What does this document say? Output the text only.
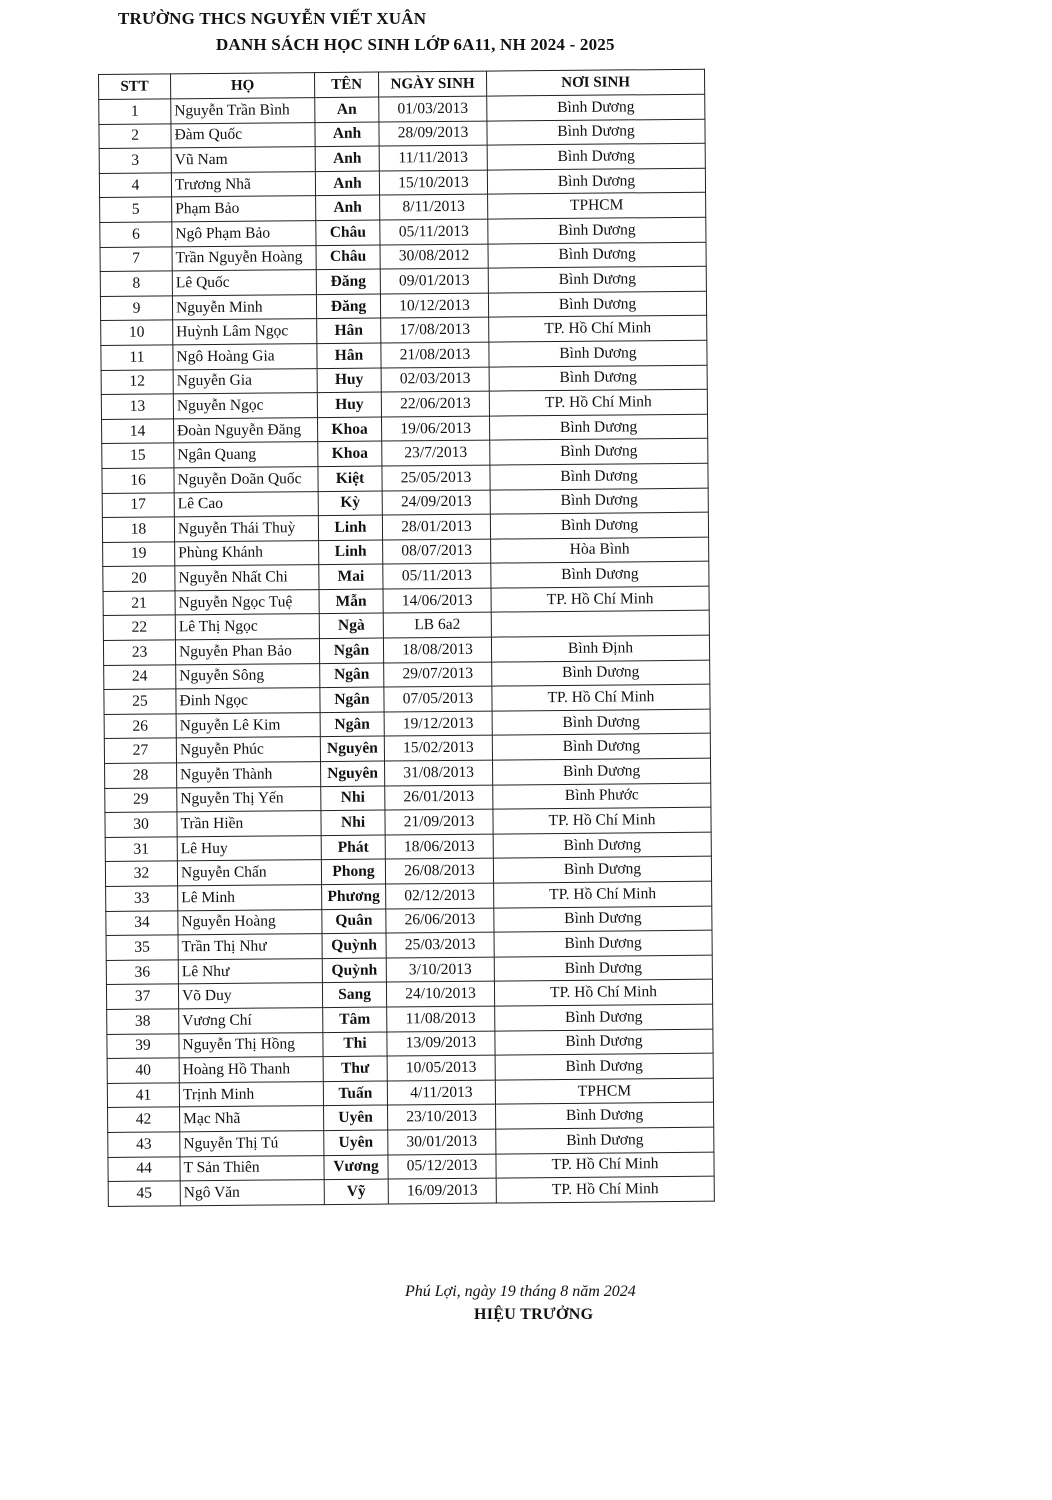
TRƯỜNG THCS NGUYỄN VIẾT XUÂN
DANH SÁCH HỌC SINH LỚP 6A11, NH 2024 - 2025
STT	HỌ	TÊN	NGÀY SINH	NƠI SINH
1	Nguyễn Trần Bình	An	01/03/2013	Bình Dương
2	Đàm Quốc	Anh	28/09/2013	Bình Dương
3	Vũ Nam	Anh	11/11/2013	Bình Dương
4	Trương Nhã	Anh	15/10/2013	Bình Dương
5	Phạm Bảo	Anh	8/11/2013	TPHCM
6	Ngô Phạm Bảo	Châu	05/11/2013	Bình Dương
7	Trần Nguyễn Hoàng	Châu	30/08/2012	Bình Dương
8	Lê Quốc	Đăng	09/01/2013	Bình Dương
9	Nguyễn Minh	Đăng	10/12/2013	Bình Dương
10	Huỳnh Lâm Ngọc	Hân	17/08/2013	TP. Hồ Chí Minh
11	Ngô Hoàng Gia	Hân	21/08/2013	Bình Dương
12	Nguyễn Gia	Huy	02/03/2013	Bình Dương
13	Nguyễn Ngọc	Huy	22/06/2013	TP. Hồ Chí Minh
14	Đoàn Nguyễn Đăng	Khoa	19/06/2013	Bình Dương
15	Ngân Quang	Khoa	23/7/2013	Bình Dương
16	Nguyễn Doãn Quốc	Kiệt	25/05/2013	Bình Dương
17	Lê Cao	Kỳ	24/09/2013	Bình Dương
18	Nguyễn Thái Thuỳ	Linh	28/01/2013	Bình Dương
19	Phùng Khánh	Linh	08/07/2013	Hòa Bình
20	Nguyễn Nhất Chi	Mai	05/11/2013	Bình Dương
21	Nguyễn Ngọc Tuệ	Mẫn	14/06/2013	TP. Hồ Chí Minh
22	Lê Thị Ngọc	Ngà	LB 6a2	
23	Nguyễn Phan Bảo	Ngân	18/08/2013	Bình Định
24	Nguyễn Sông	Ngân	29/07/2013	Bình Dương
25	Đinh Ngọc	Ngân	07/05/2013	TP. Hồ Chí Minh
26	Nguyễn Lê Kim	Ngân	19/12/2013	Bình Dương
27	Nguyễn Phúc	Nguyên	15/02/2013	Bình Dương
28	Nguyễn Thành	Nguyên	31/08/2013	Bình Dương
29	Nguyễn Thị Yến	Nhi	26/01/2013	Bình Phước
30	Trần Hiền	Nhi	21/09/2013	TP. Hồ Chí Minh
31	Lê Huy	Phát	18/06/2013	Bình Dương
32	Nguyễn Chấn	Phong	26/08/2013	Bình Dương
33	Lê Minh	Phương	02/12/2013	TP. Hồ Chí Minh
34	Nguyễn Hoàng	Quân	26/06/2013	Bình Dương
35	Trần Thị Như	Quỳnh	25/03/2013	Bình Dương
36	Lê Như	Quỳnh	3/10/2013	Bình Dương
37	Võ Duy	Sang	24/10/2013	TP. Hồ Chí Minh
38	Vương Chí	Tâm	11/08/2013	Bình Dương
39	Nguyễn Thị Hồng	Thi	13/09/2013	Bình Dương
40	Hoàng Hồ Thanh	Thư	10/05/2013	Bình Dương
41	Trịnh Minh	Tuấn	4/11/2013	TPHCM
42	Mạc Nhã	Uyên	23/10/2013	Bình Dương
43	Nguyễn Thị Tú	Uyên	30/01/2013	Bình Dương
44	T Sản Thiên	Vương	05/12/2013	TP. Hồ Chí Minh
45	Ngô Văn	Vỹ	16/09/2013	TP. Hồ Chí Minh
Phú Lợi, ngày 19 tháng 8 năm 2024
HIỆU TRƯỞNG
